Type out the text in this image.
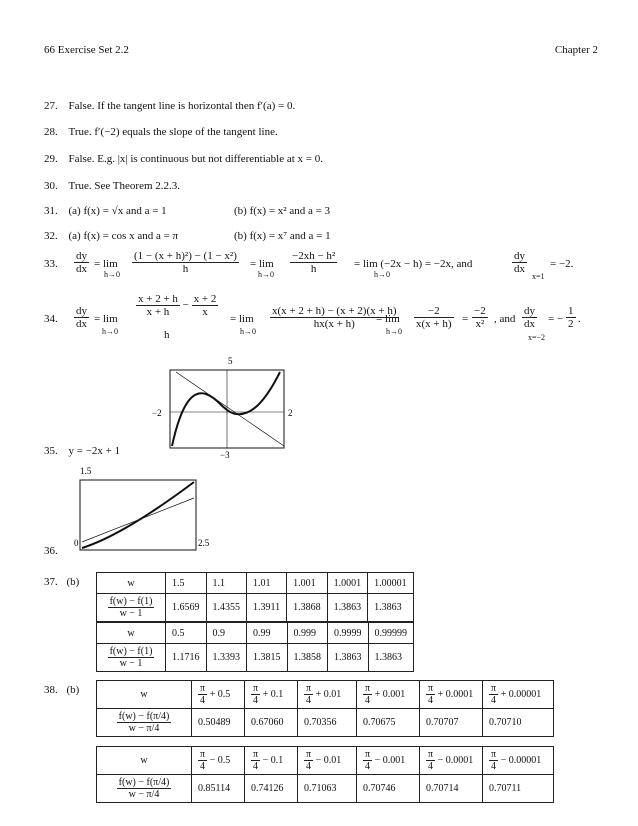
66 Exercise Set 2.2	Chapter 2
27. False. If the tangent line is horizontal then f′(a) = 0.
28. True. f′(−2) equals the slope of the tangent line.
29. False. E.g. |x| is continuous but not differentiable at x = 0.
30. True. See Theorem 2.2.3.
31. (a) f(x) = √x and a = 1	(b) f(x) = x² and a = 3
32. (a) f(x) = cos x and a = π	(b) f(x) = x⁷ and a = 1
33. $\frac{dy}{dx} = \lim$
$h\to 0 \frac{\text{(1 − (x + h)²) − (1 − x²)}}{h} = \lim$
$h\to 0 \frac{\text{−2xh − h²}}{h} = \lim (-2x - h) = -2x$, and
h→0	$\frac{dy}{dx}$
x=1
= −2.
34. $\frac{dy}{dx} = \lim$
h→0
$\frac{x + 2 + h}{x + h} - \frac{x + 2}{x}$
h
= lim
h→0
$\frac{x(x + 2 + h) - (x + 2)(x + h)}{hx(x + h)}$
= lim
h→0
$\frac{-2}{x(x + h)} = \frac{-2}{\text{x²}}$ , and $\frac{dy}{dx}$
x=−2
= − $\frac{1}{2}$ .
5
−2	2
−3
35. y = −2x + 1
1.5
0	2.5
36.
37. (b)	w	1.5	1.1	1.01	1.001	1.0001	1.00001

$\frac{f(w) - f(1)}{w - 1}$	1.6569	1.4355	1.3911	1.3868	1.3863	1.3863
w	0.5	0.9	0.99	0.999	0.9999	0.99999

$\frac{f(w) - f(1)}{w - 1}$	1.1716	1.3393	1.3815	1.3858	1.3863	1.3863
38. (b)	w	$\frac{\pi}{4} + 0.5$	$\frac{\pi}{4} + 0.1$	$\frac{\pi}{4} + 0.01$	$\frac{\pi}{4} + 0.001$	$\frac{\pi}{4} + 0.0001$	$\frac{\pi}{4} + 0.00001$

$\frac{f(w) - f(\pi/4)}{w - \pi/4}$	0.50489	0.67060	0.70356	0.70675	0.70707	0.70710
w	$\frac{\pi}{4} - 0.5$	$\frac{\pi}{4} - 0.1$	$\frac{\pi}{4} - 0.01$	$\frac{\pi}{4} - 0.001$	$\frac{\pi}{4} - 0.0001$	$\frac{\pi}{4} - 0.00001$

$\frac{f(w) - f(\pi/4)}{w - \pi/4}$	0.85114	0.74126	0.71063	0.70746	0.70714	0.70711
